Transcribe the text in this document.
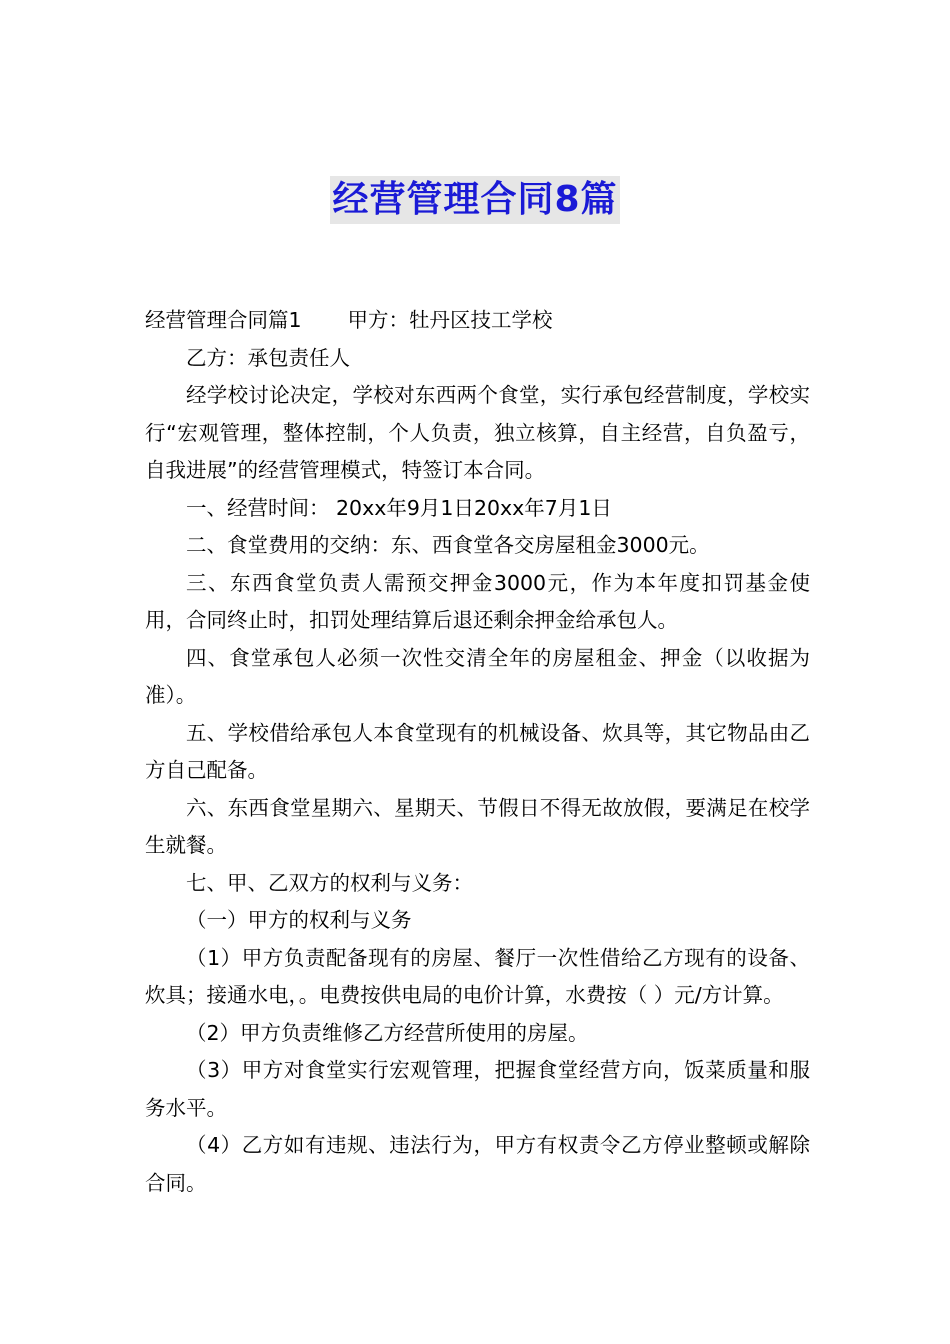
经营管理合同8篇

经营管理合同篇1 甲方：牡丹区技工学校

乙方：承包责任人

经学校讨论决定，学校对东西两个食堂，实行承包经营制度，学校实行“宏观管理，整体控制，个人负责，独立核算，自主经营，自负盈亏，自我进展”的经营管理模式，特签订本合同。

一、经营时间： 20xx年9月1日20xx年7月1日

二、食堂费用的交纳：东、西食堂各交房屋租金3000元。

三、东西食堂负责人需预交押金3000元，作为本年度扣罚基金使用，合同终止时，扣罚处理结算后退还剩余押金给承包人。

四、食堂承包人必须一次性交清全年的房屋租金、押金（以收据为准）。

五、学校借给承包人本食堂现有的机械设备、炊具等，其它物品由乙方自己配备。

六、东西食堂星期六、星期天、节假日不得无故放假，要满足在校学生就餐。

七、甲、乙双方的权利与义务：

（一）甲方的权利与义务

（1）甲方负责配备现有的房屋、餐厅一次性借给乙方现有的设备、炊具；接通水电，。电费按供电局的电价计算，水费按（ ）元/方计算。

（2）甲方负责维修乙方经营所使用的房屋。

（3）甲方对食堂实行宏观管理，把握食堂经营方向，饭菜质量和服务水平。

（4）乙方如有违规、违法行为，甲方有权责令乙方停业整顿或解除合同。
